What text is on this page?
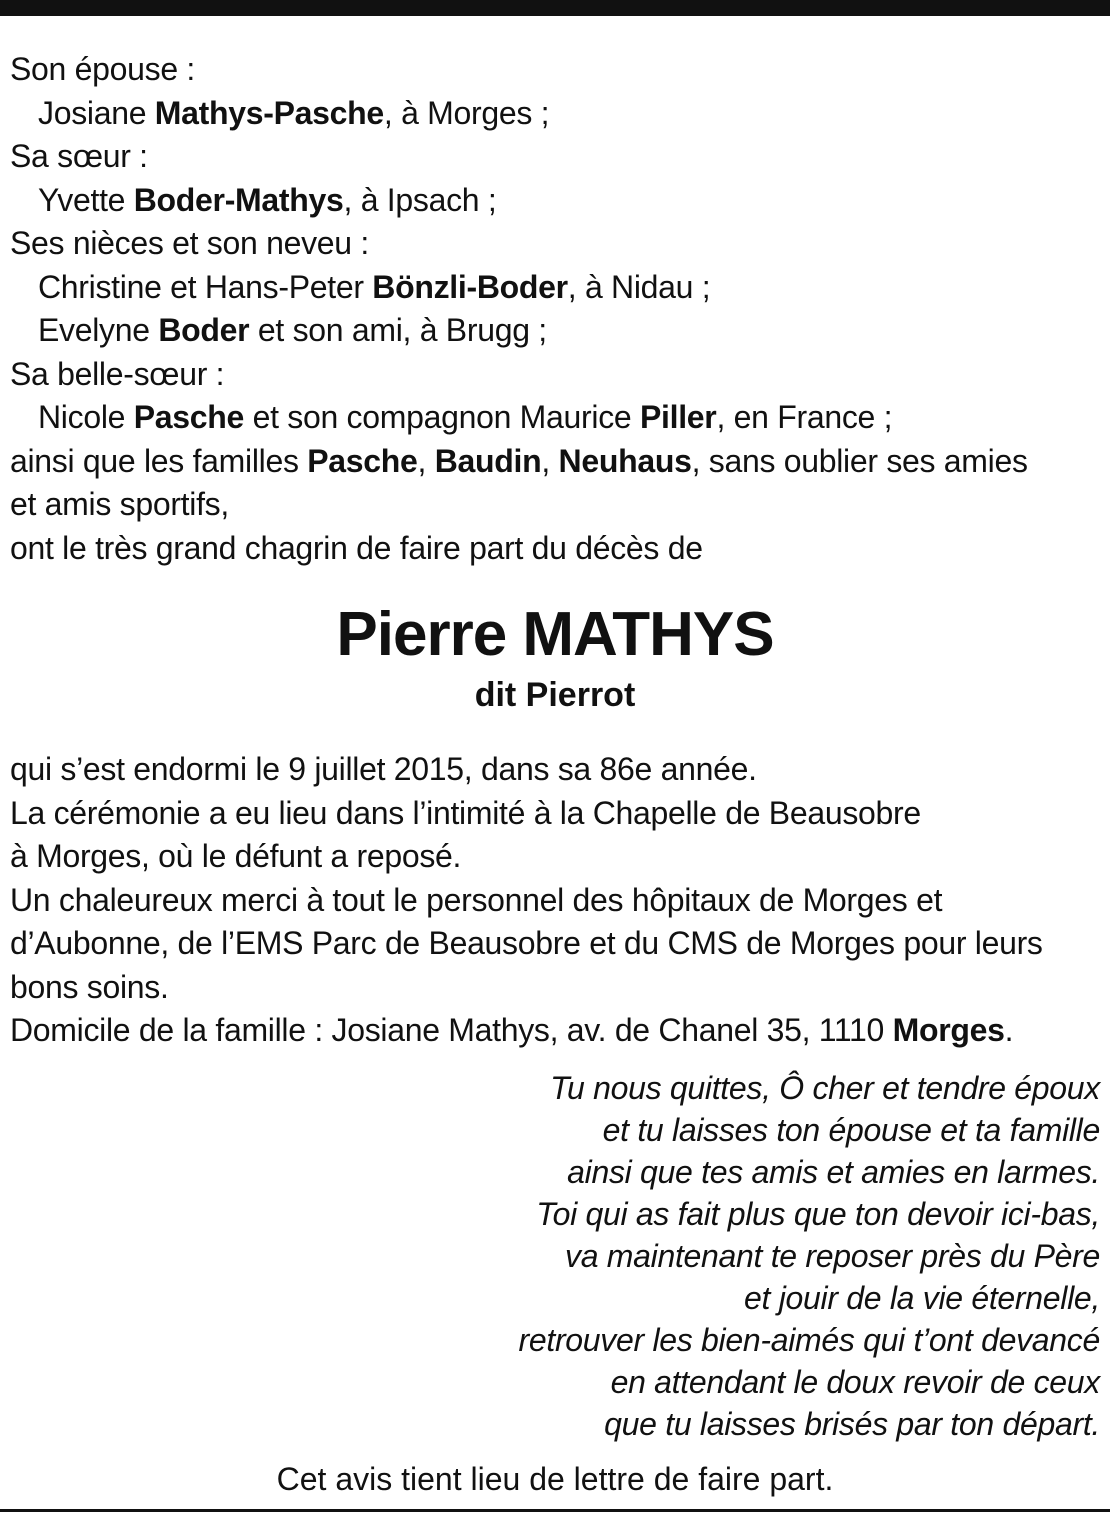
Son épouse :
Josiane Mathys-Pasche, à Morges ;
Sa sœur :
Yvette Boder-Mathys, à Ipsach ;
Ses nièces et son neveu :
Christine et Hans-Peter Bönzli-Boder, à Nidau ;
Evelyne Boder et son ami, à Brugg ;
Sa belle-sœur :
Nicole Pasche et son compagnon Maurice Piller, en France ;
ainsi que les familles Pasche, Baudin, Neuhaus, sans oublier ses amies
et amis sportifs,
ont le très grand chagrin de faire part du décès de
Pierre MATHYS
dit Pierrot
qui s’est endormi le 9 juillet 2015, dans sa 86e année.
La cérémonie a eu lieu dans l’intimité à la Chapelle de Beausobre
à Morges, où le défunt a reposé.
Un chaleureux merci à tout le personnel des hôpitaux de Morges et
d’Aubonne, de l’EMS Parc de Beausobre et du CMS de Morges pour leurs
bons soins.
Domicile de la famille : Josiane Mathys, av. de Chanel 35, 1110 Morges.
Tu nous quittes, Ô cher et tendre époux
et tu laisses ton épouse et ta famille
ainsi que tes amis et amies en larmes.
Toi qui as fait plus que ton devoir ici-bas,
va maintenant te reposer près du Père
et jouir de la vie éternelle,
retrouver les bien-aimés qui t’ont devancé
en attendant le doux revoir de ceux
que tu laisses brisés par ton départ.
Cet avis tient lieu de lettre de faire part.
